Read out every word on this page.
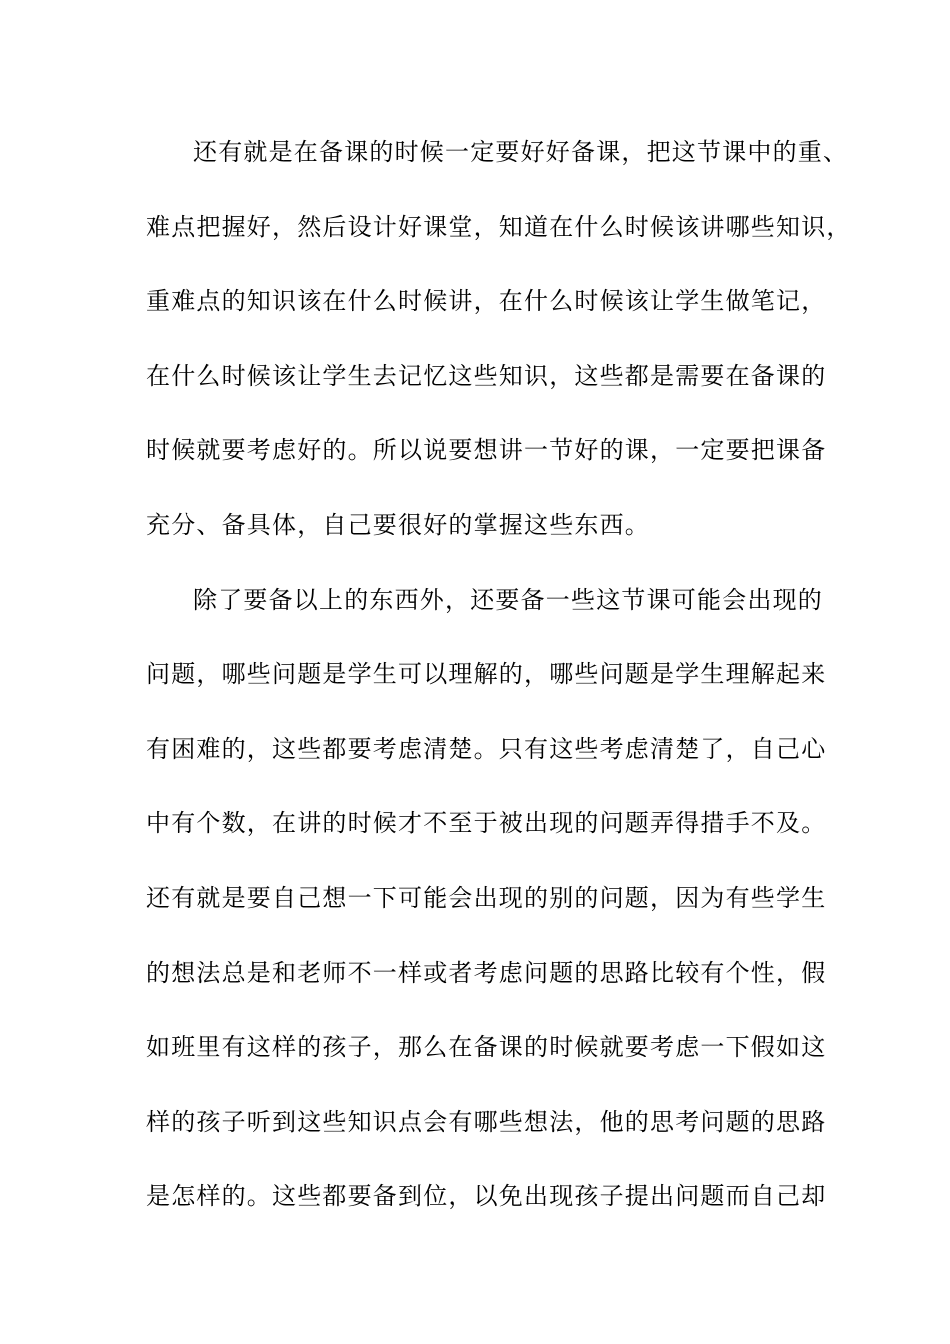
还有就是在备课的时候一定要好好备课，把这节课中的重、
难点把握好，然后设计好课堂，知道在什么时候该讲哪些知识，
重难点的知识该在什么时候讲，在什么时候该让学生做笔记，
在什么时候该让学生去记忆这些知识，这些都是需要在备课的
时候就要考虑好的。所以说要想讲一节好的课，一定要把课备
充分、备具体，自己要很好的掌握这些东西。
除了要备以上的东西外，还要备一些这节课可能会出现的
问题，哪些问题是学生可以理解的，哪些问题是学生理解起来
有困难的，这些都要考虑清楚。只有这些考虑清楚了，自己心
中有个数，在讲的时候才不至于被出现的问题弄得措手不及。
还有就是要自己想一下可能会出现的别的问题，因为有些学生
的想法总是和老师不一样或者考虑问题的思路比较有个性，假
如班里有这样的孩子，那么在备课的时候就要考虑一下假如这
样的孩子听到这些知识点会有哪些想法，他的思考问题的思路
是怎样的。这些都要备到位，以免出现孩子提出问题而自己却
